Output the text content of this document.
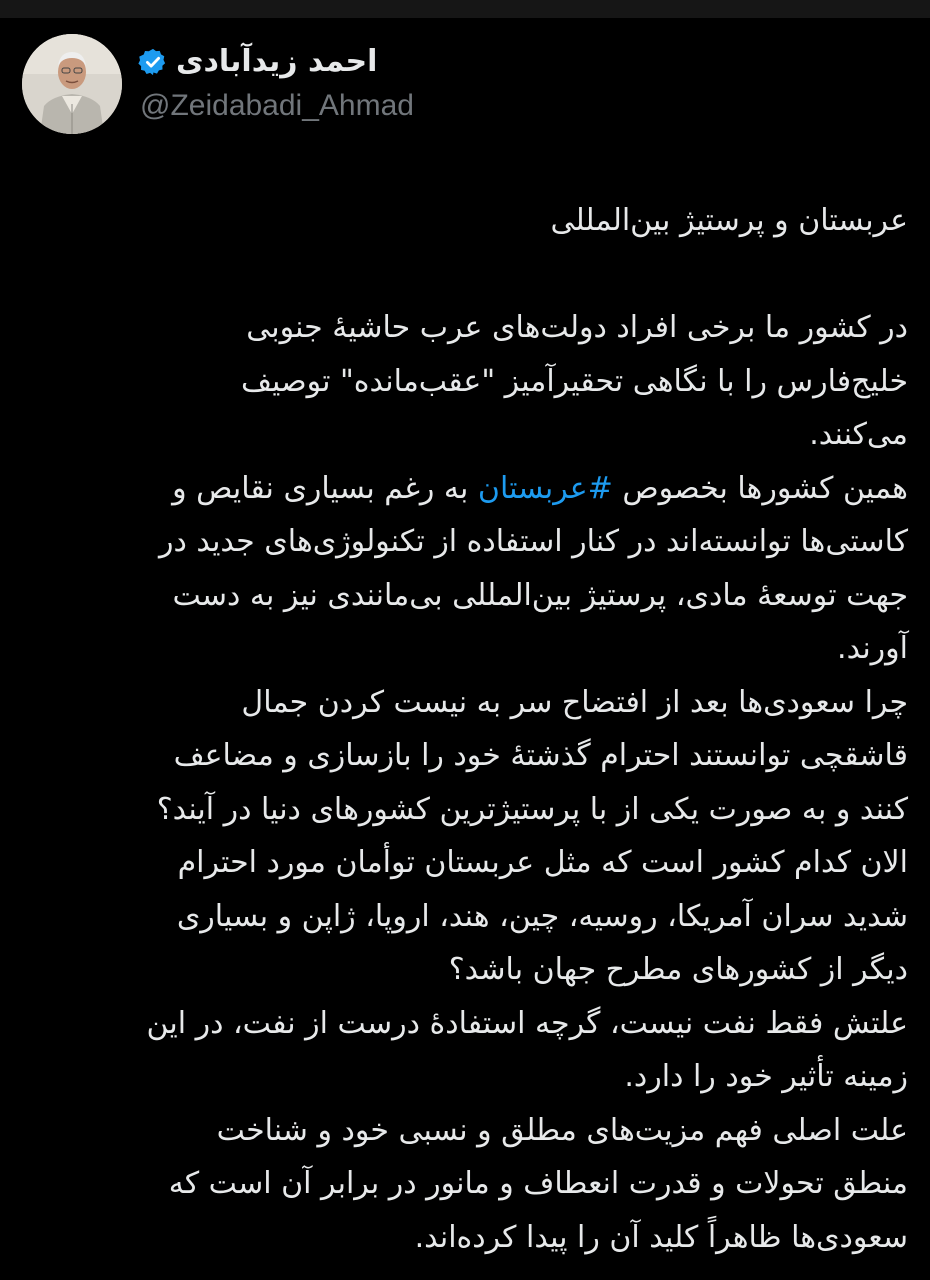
احمد زیدآبادی
@Zeidabadi_Ahmad
عربستان و پرستیژ بین‌المللی
در کشور ما برخی افراد دولت‌های عرب حاشیهٔ جنوبی
خلیج‌فارس را با نگاهی تحقیرآمیز "عقب‌مانده" توصیف
می‌کنند.
همین کشورها بخصوص #عربستان به رغم بسیاری نقایص و
کاستی‌ها توانسته‌اند در کنار استفاده از تکنولوژی‌های جدید در
جهت توسعهٔ مادی، پرستیژ بین‌المللی بی‌مانندی نیز به دست
آورند.
چرا سعودی‌ها بعد از افتضاح سر به نیست کردن جمال
قاشقچی توانستند احترام گذشتهٔ خود را بازسازی و مضاعف
کنند و به صورت یکی از با پرستیژترین کشورهای دنیا در آیند؟
الان کدام کشور است که مثل عربستان توأمان مورد احترام
شدید سران آمریکا، روسیه، چین، هند، اروپا، ژاپن و بسیاری
دیگر از کشورهای مطرح جهان باشد؟
علتش فقط نفت نیست، گرچه استفادهٔ درست از نفت، در این
زمینه تأثیر خود را دارد.
علت اصلی فهم مزیت‌های مطلق و نسبی خود و شناخت
منطق تحولات و قدرت انعطاف و مانور در برابر آن است که
سعودی‌ها ظاهراً کلید آن را پیدا کرده‌اند.
